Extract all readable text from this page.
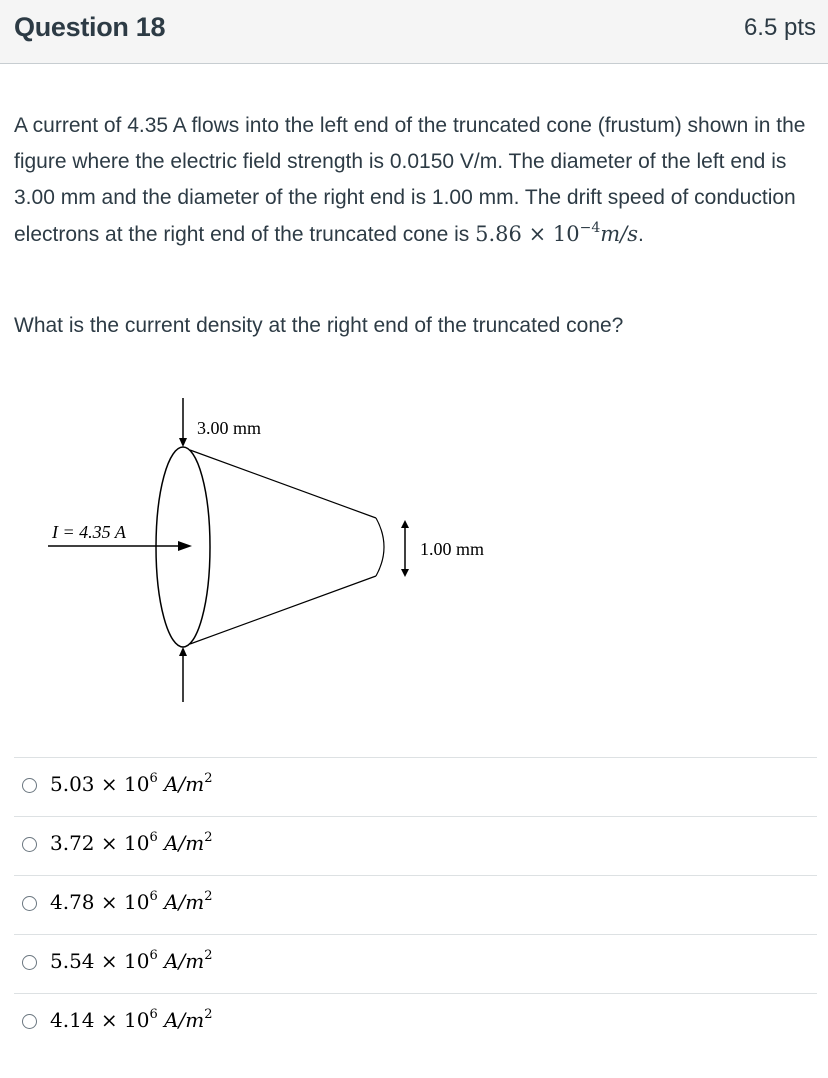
Question 18	6.5 pts
A current of 4.35 A flows into the left end of the truncated cone (frustum) shown in the figure where the electric field strength is 0.0150 V/m. The diameter of the left end is 3.00 mm and the diameter of the right end is 1.00 mm. The drift speed of conduction electrons at the right end of the truncated cone is $5.86 \times 10^{-4}m/s$.
What is the current density at the right end of the truncated cone?
3.00 mm
1.00 mm
I = 4.35 A
$5.03 \times 10^6$ $A/m^2$
$3.72 \times 10^6$ $A/m^2$
$4.78 \times 10^6$ $A/m^2$
$5.54 \times 10^6$ $A/m^2$
$4.14 \times 10^6$ $A/m^2$
